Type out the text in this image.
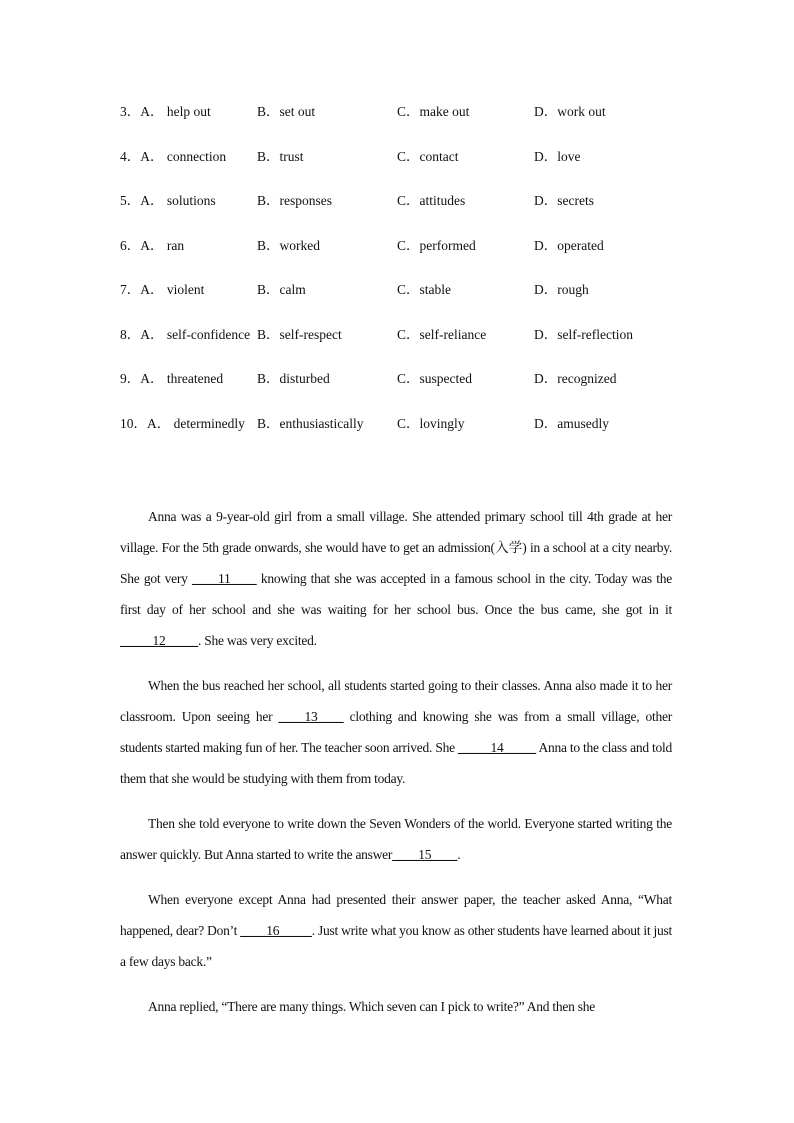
3．A． help out	B．set out	C．make out	D．work out
4．A． connection B．trust	C．contact	D．love
5．A． solutions	B．responses	C．attitudes	D．secrets
6．A． ran	B．worked	C．performed	D．operated
7．A． violent	B．calm	C．stable	D．rough
8．A． self-confidence B．self-respect	C．self-reliance	D．self-reflection
9．A． threatened	B．disturbed	C．suspected	D．recognized
10．A． determinedly B．enthusiastically C．lovingly	D．amusedly

Anna was a 9-year-old girl from a small village. She attended primary school till 4th grade at her village. For the 5th grade onwards, she would have to get an admission(入学) in a school at a city nearby. She got very ____11____ knowing that she was accepted in a famous school in the city. Today was the first day of her school and she was waiting for her school bus. Once the bus came, she got in it _____12_____. She was very excited.

When the bus reached her school, all students started going to their classes. Anna also made it to her classroom. Upon seeing her ____13____ clothing and knowing she was from a small village, other students started making fun of her. The teacher soon arrived. She _____14_____ Anna to the class and told them that she would be studying with them from today.

Then she told everyone to write down the Seven Wonders of the world. Everyone started writing the answer quickly. But Anna started to write the answer____15____.

When everyone except Anna had presented their answer paper, the teacher asked Anna, “What happened, dear? Don’t ____16_____. Just write what you know as other students have learned about it just a few days back.”

Anna replied, “There are many things. Which seven can I pick to write?” And then she
